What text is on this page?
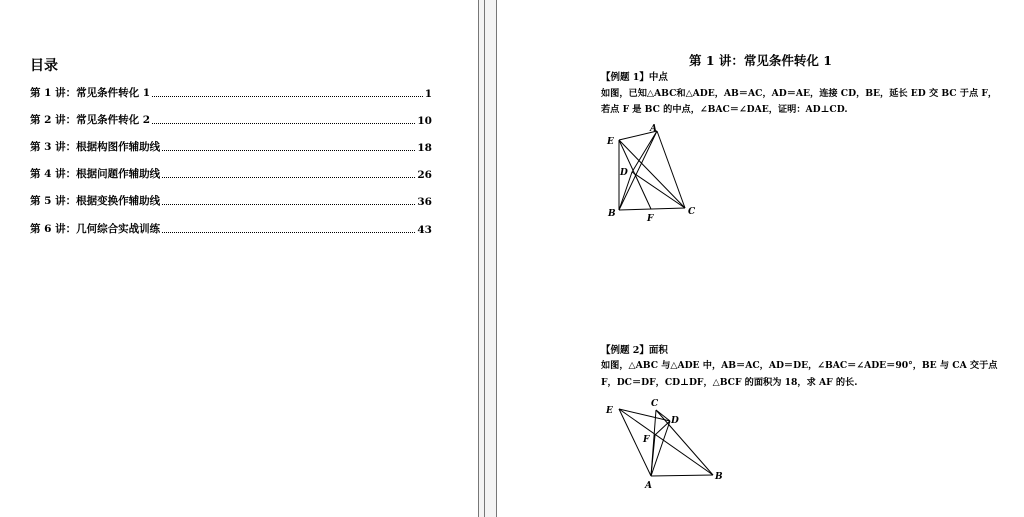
目录
第 1 讲：常见条件转化 1	1
第 2 讲：常见条件转化 2	10
第 3 讲：根据构图作辅助线	18
第 4 讲：根据问题作辅助线	26
第 5 讲：根据变换作辅助线	36
第 6 讲：几何综合实战训练	43
第 1 讲：常见条件转化 1
【例题 1】中点
如图，已知△ABC和△ADE，AB＝AC，AD＝AE，连接 CD，BE，延长 ED 交 BC 于点 F，
若点 F 是 BC 的中点，∠BAC＝∠DAE，证明：AD⊥CD.
A
E
D
B	F
C
【例题 2】面积
如图，△ABC 与△ADE 中，AB＝AC，AD＝DE，∠BAC＝∠ADE＝90°，BE 与 CA 交于点
F，DC＝DF，CD⊥DF，△BCF 的面积为 18，求 AF 的长.
E
C
D
F
A
B
